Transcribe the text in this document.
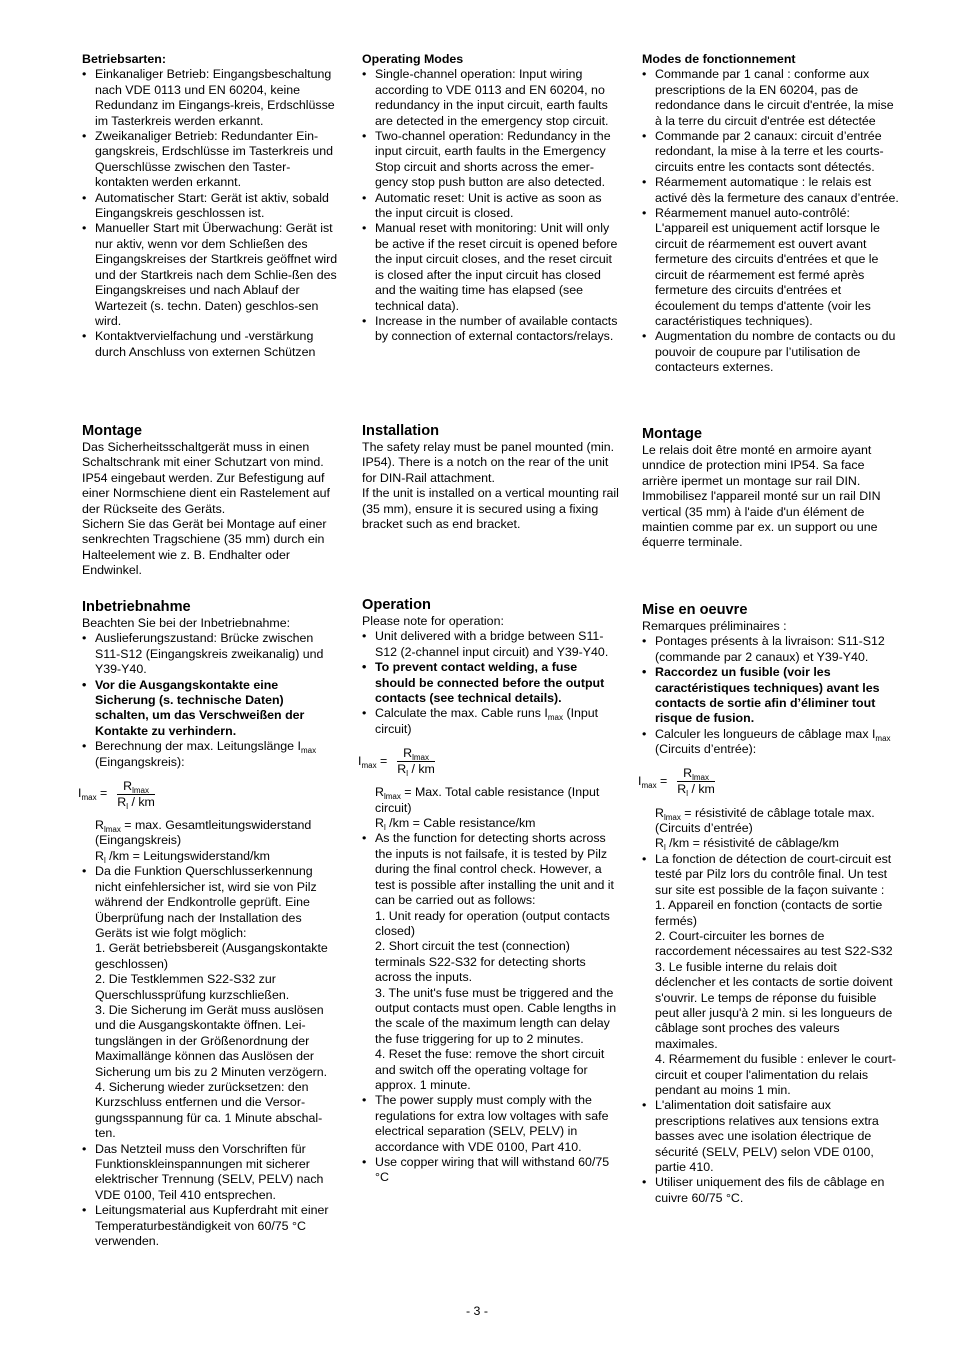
Betriebsarten:

• Einkanaliger Betrieb: Eingangsbeschaltung nach VDE 0113 und EN 60204, keine Redundanz im Eingangs-kreis, Erdschlüsse im Tasterkreis werden erkannt.
• Zweikanaliger Betrieb: Redundanter Ein-gangskreis, Erdschlüsse im Tasterkreis und Querschlüsse zwischen den Taster-kontakten werden erkannt.
• Automatischer Start: Gerät ist aktiv, sobald Eingangskreis geschlossen ist.
• Manueller Start mit Überwachung: Gerät ist nur aktiv, wenn vor dem Schließen des Eingangskreises der Startkreis geöffnet wird und der Startkreis nach dem Schlie-ßen des Eingangskreises und nach Ablauf der Wartezeit (s. techn. Daten) geschlos-sen wird.
• Kontaktvervielfachung und -verstärkung durch Anschluss von externen Schützen

Montage

Das Sicherheitsschaltgerät muss in einen Schaltschrank mit einer Schutzart von mind. IP54 eingebaut werden. Zur Befestigung auf einer Normschiene dient ein Rastelement auf der Rückseite des Geräts.

Sichern Sie das Gerät bei Montage auf einer senkrechten Tragschiene (35 mm) durch ein Halteelement wie z. B. Endhalter oder Endwinkel.

Inbetriebnahme

Beachten Sie bei der Inbetriebnahme:

• Auslieferungszustand: Brücke zwischen S11-S12 (Eingangskreis zweikanalig) und Y39-Y40.
• Vor die Ausgangskontakte eine Sicherung (s. technische Daten) schalten, um das Verschweißen der Kontakte zu verhindern.
• Berechnung der max. Leitungslänge $I_{max}$ (Eingangskreis):
$I_{max} = \frac{R_{lmax}}{R_l / km}$

$R_{lmax} = \max$. Gesamtleitungswiderstand (Eingangskreis)

$R_l$ /km = Leitungswiderstand/km

• Da die Funktion Querschlusserkennung nicht einfehlersicher ist, wird sie von Pilz während der Endkontrolle geprüft. Eine Überprüfung nach der Installation des Geräts ist wie folgt möglich:

1. Gerät betriebsbereit (Ausgangskontakte geschlossen)

2. Die Testklemmen S22-S32 zur Querschlussprüfung kurzschließen.

3. Die Sicherung im Gerät muss auslösen und die Ausgangskontakte öffnen. Lei-tungslängen in der Größenordnung der Maximallänge können das Auslösen der Sicherung um bis zu 2 Minuten verzögern.

4. Sicherung wieder zurücksetzen: den Kurzschluss entfernen und die Versor-gungsspannung für ca. 1 Minute abschal-ten.

• Das Netzteil muss den Vorschriften für Funktionskleinspannungen mit sicherer elektrischer Trennung (SELV, PELV) nach VDE 0100, Teil 410 entsprechen.
• Leitungsmaterial aus Kupferdraht mit einer Temperaturbeständigkeit von 60/75 °C verwenden.

Operating Modes

• Single-channel operation: Input wiring according to VDE 0113 and EN 60204, no redundancy in the input circuit, earth faults are detected in the emergency stop circuit.
• Two-channel operation: Redundancy in the input circuit, earth faults in the Emergency Stop circuit and shorts across the emer-gency stop push button are also detected.
• Automatic reset: Unit is active as soon as the input circuit is closed.
• Manual reset with monitoring: Unit will only be active if the reset circuit is opened before the input circuit closes, and the reset circuit is closed after the input circuit has closed and the waiting time has elapsed (see technical data).
• Increase in the number of available contacts by connection of external contactors/relays.

Installation

The safety relay must be panel mounted (min. IP54). There is a notch on the rear of the unit for DIN-Rail attachment.

If the unit is installed on a vertical mounting rail (35 mm), ensure it is secured using a fixing bracket such as end bracket.

Operation

Please note for operation:

• Unit delivered with a bridge between S11-S12 (2-channel input circuit) and Y39-Y40.
• To prevent contact welding, a fuse should be connected before the output contacts (see technical details).
• Calculate the max. Cable runs $I_{max}$ (Input circuit)
$I_{max} = \frac{R_{lmax}}{R_l / km}$

$R_{lmax}$ = Max. Total cable resistance (Input circuit)

$R_l$ /km = Cable resistance/km

• As the function for detecting shorts across the inputs is not failsafe, it is tested by Pilz during the final control check. However, a test is possible after installing the unit and it can be carried out as follows:

1. Unit ready for operation (output contacts closed)

2. Short circuit the test (connection) terminals S22-S32 for detecting shorts across the inputs.

3. The unit's fuse must be triggered and the output contacts must open. Cable lengths in the scale of the maximum length can delay the fuse triggering for up to 2 minutes.

4. Reset the fuse: remove the short circuit and switch off the operating voltage for approx. 1 minute.

• The power supply must comply with the regulations for extra low voltages with safe electrical separation (SELV, PELV) in accordance with VDE 0100, Part 410.
• Use copper wiring that will withstand 60/75 °C

Modes de fonctionnement

• Commande par 1 canal : conforme aux prescriptions de la EN 60204, pas de redondance dans le circuit d'entrée, la mise à la terre du circuit d'entrée est détectée
• Commande par 2 canaux: circuit d’entrée redondant, la mise à la terre et les courts-circuits entre les contacts sont détectés.
• Réarmement automatique : le relais est activé dès la fermeture des canaux d’entrée.
• Réarmement manuel auto-contrôlé: L'appareil est uniquement actif lorsque le circuit de réarmement est ouvert avant fermeture des circuits d'entrées et que le circuit de réarmement est fermé après fermeture des circuits d'entrées et écoulement du temps d'attente (voir les caractéristiques techniques).
• Augmentation du nombre de contacts ou du pouvoir de coupure par l’utilisation de contacteurs externes.

Montage

Le relais doit être monté en armoire ayant unndice de protection mini IP54. Sa face arrière ipermet un montage sur rail DIN. Immobilisez l'appareil monté sur un rail DIN vertical (35 mm) à l'aide d'un élément de maintien comme par ex. un support ou une équerre terminale.

Mise en oeuvre

Remarques préliminaires :

• Pontages présents à la livraison: S11-S12 (commande par 2 canaux) et Y39-Y40.
• Raccordez un fusible (voir les caractéristiques techniques) avant les contacts de sortie afin d’éliminer tout risque de fusion.
• Calculer les longueurs de câblage $\max I_{max}$ (Circuits d’entrée):
$I_{max} = \frac{R_{lmax}}{R_l / km}$

$R_{lmax}$ = résistivité de câblage totale max. (Circuits d’entrée)

$R_l$ /km = résistivité de câblage/km

• La fonction de détection de court-circuit est testé par Pilz lors du contrôle final. Un test sur site est possible de la façon suivante :

1. Appareil en fonction (contacts de sortie fermés)

2. Court-circuiter les bornes de raccordement nécessaires au test S22-S32

3. Le fusible interne du relais doit déclencher et les contacts de sortie doivent s'ouvrir. Le temps de réponse du fuisible peut aller jusqu'à 2 min. si les longueurs de câblage sont proches des valeurs maximales.

4. Réarmement du fusible : enlever le court-circuit et couper l'alimentation du relais pendant au moins 1 min.

• L'alimentation doit satisfaire aux prescriptions relatives aux tensions extra basses avec une isolation électrique de sécurité (SELV, PELV) selon VDE 0100, partie 410.
• Utiliser uniquement des fils de câblage en cuivre 60/75 °C.
- 3 -
